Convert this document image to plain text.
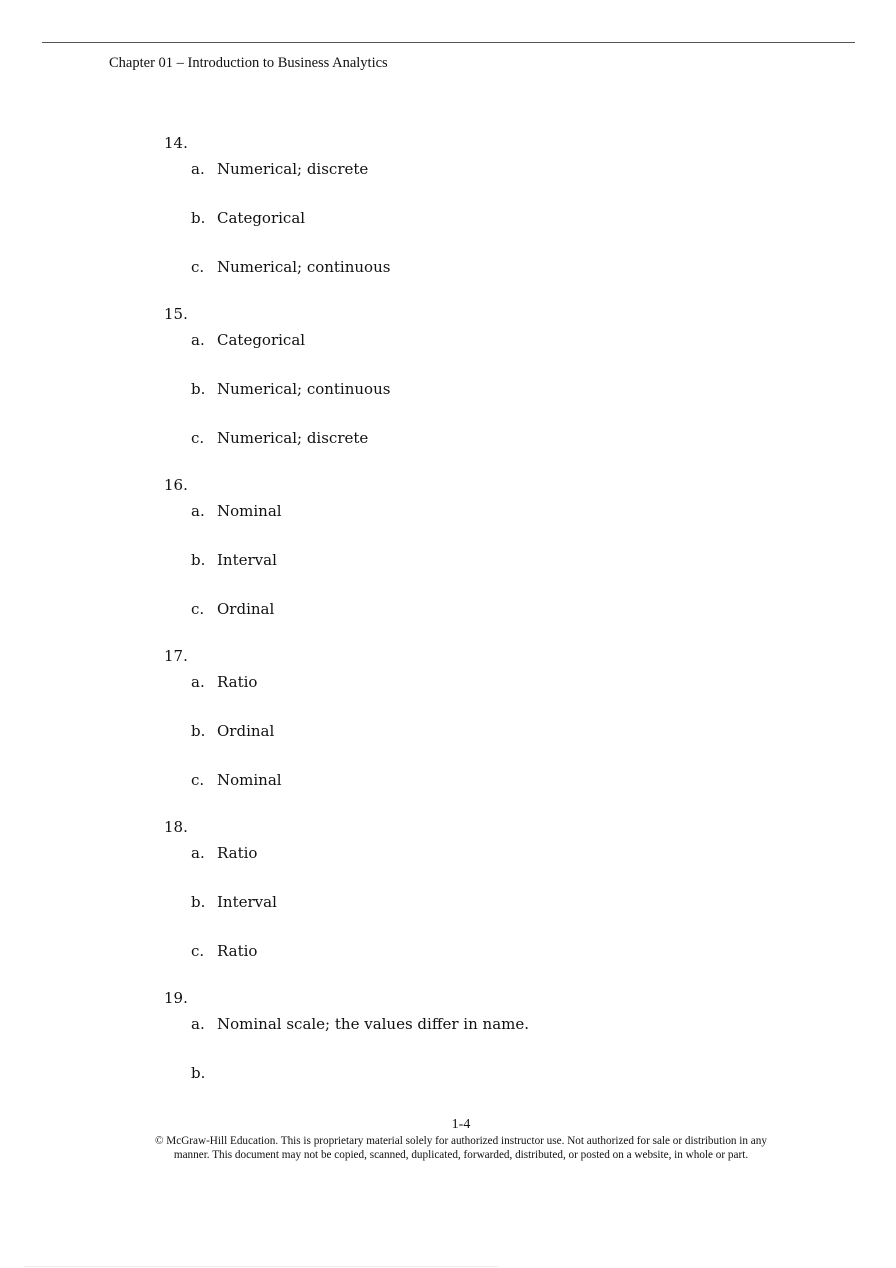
Chapter 01 – Introduction to Business Analytics
14.
a. Numerical; discrete
b. Categorical
c. Numerical; continuous
15.
a. Categorical
b. Numerical; continuous
c. Numerical; discrete
16.
a. Nominal
b. Interval
c. Ordinal
17.
a. Ratio
b. Ordinal
c. Nominal
18.
a. Ratio
b. Interval
c. Ratio
19.
a. Nominal scale; the values differ in name.
b.
1-4
© McGraw-Hill Education. This is proprietary material solely for authorized instructor use. Not authorized for sale or distribution in any
manner. This document may not be copied, scanned, duplicated, forwarded, distributed, or posted on a website, in whole or part.
